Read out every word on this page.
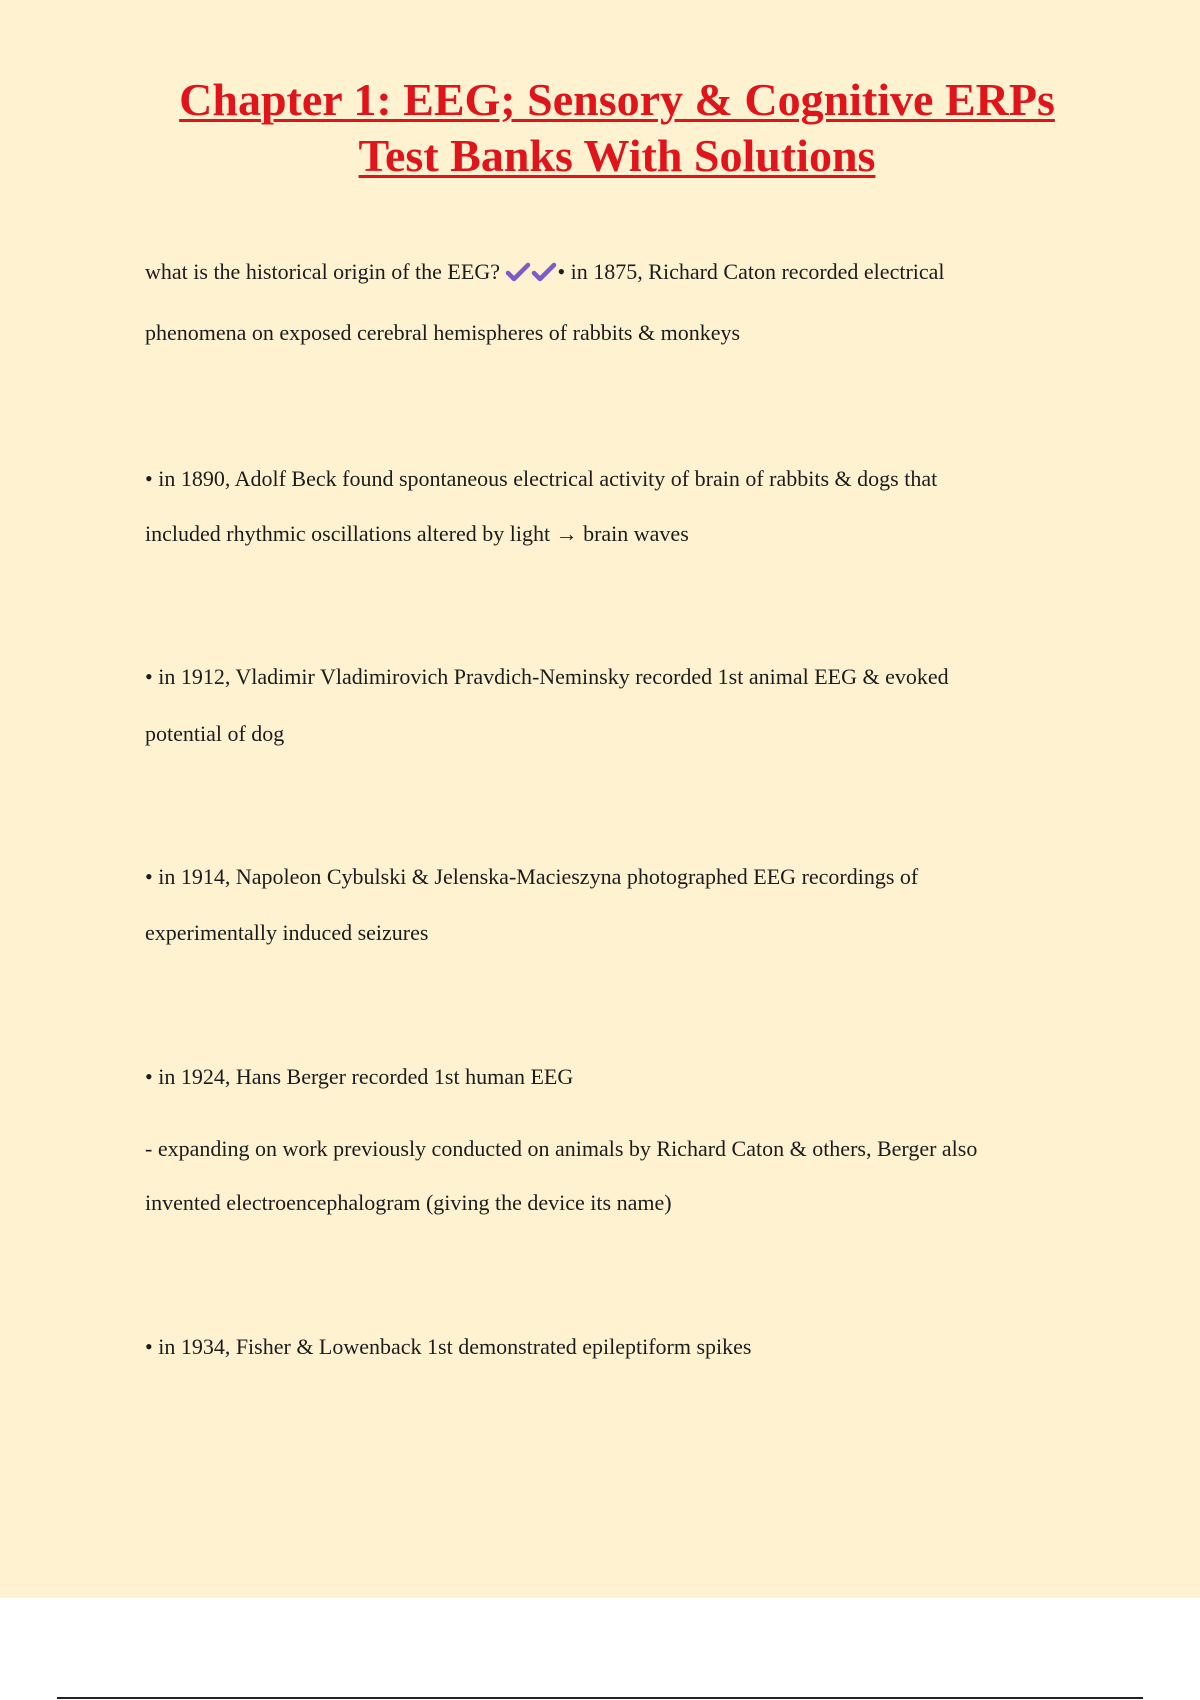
Chapter 1: EEG; Sensory & Cognitive ERPs
Test Banks With Solutions

what is the historical origin of the EEG?	• in 1875, Richard Caton recorded electrical

phenomena on exposed cerebral hemispheres of rabbits & monkeys

• in 1890, Adolf Beck found spontaneous electrical activity of brain of rabbits & dogs that

included rhythmic oscillations altered by light → brain waves

• in 1912, Vladimir Vladimirovich Pravdich-Neminsky recorded 1st animal EEG & evoked

potential of dog

• in 1914, Napoleon Cybulski & Jelenska-Macieszyna photographed EEG recordings of

experimentally induced seizures

• in 1924, Hans Berger recorded 1st human EEG

- expanding on work previously conducted on animals by Richard Caton & others, Berger also

invented electroencephalogram (giving the device its name)

• in 1934, Fisher & Lowenback 1st demonstrated epileptiform spikes
